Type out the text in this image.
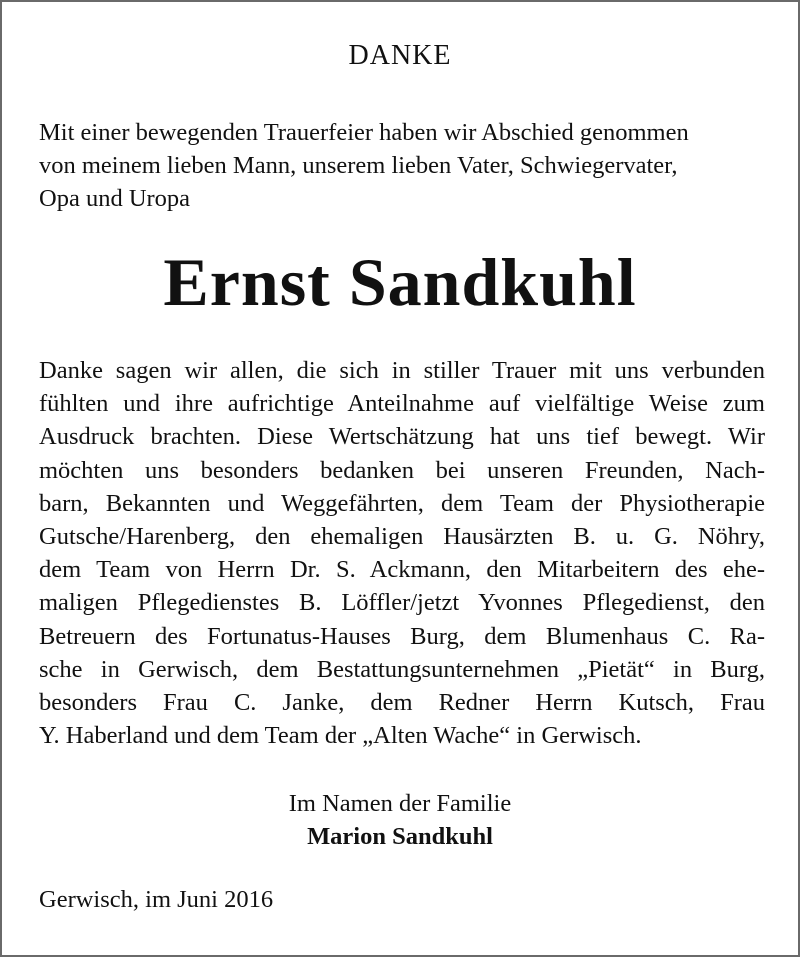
DANKE
Mit einer bewegenden Trauerfeier haben wir Abschied genommen
von meinem lieben Mann, unserem lieben Vater, Schwiegervater,
Opa und Uropa
Ernst Sandkuhl
Danke sagen wir allen, die sich in stiller Trauer mit uns verbunden
fühlten und ihre aufrichtige Anteilnahme auf vielfältige Weise zum
Ausdruck brachten. Diese Wertschätzung hat uns tief bewegt. Wir
möchten uns besonders bedanken bei unseren Freunden, Nach-
barn, Bekannten und Weggefährten, dem Team der Physiotherapie
Gutsche/Harenberg, den ehemaligen Hausärzten B. u. G. Nöhry,
dem Team von Herrn Dr. S. Ackmann, den Mitarbeitern des ehe-
maligen Pflegedienstes B. Löffler/jetzt Yvonnes Pflegedienst, den
Betreuern des Fortunatus-Hauses Burg, dem Blumenhaus C. Ra-
sche in Gerwisch, dem Bestattungsunternehmen „Pietät“ in Burg,
besonders Frau C. Janke, dem Redner Herrn Kutsch, Frau
Y. Haberland und dem Team der „Alten Wache“ in Gerwisch.
Im Namen der Familie
Marion Sandkuhl
Gerwisch, im Juni 2016
